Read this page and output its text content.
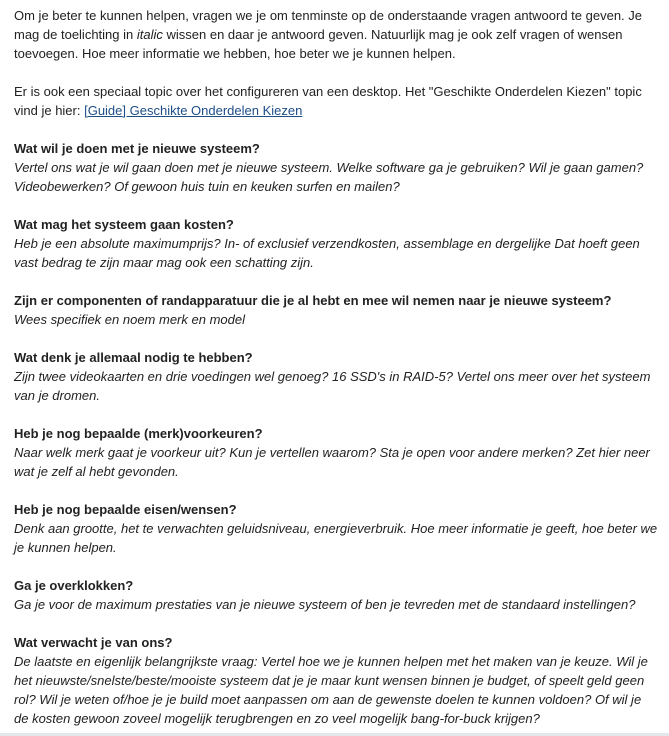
Om je beter te kunnen helpen, vragen we je om tenminste op de onderstaande vragen antwoord te geven. Je mag de toelichting in italic wissen en daar je antwoord geven. Natuurlijk mag je ook zelf vragen of wensen toevoegen. Hoe meer informatie we hebben, hoe beter we je kunnen helpen.

Er is ook een speciaal topic over het configureren van een desktop. Het "Geschikte Onderdelen Kiezen" topic vind je hier: [Guide] Geschikte Onderdelen Kiezen

Wat wil je doen met je nieuwe systeem?
Vertel ons wat je wil gaan doen met je nieuwe systeem. Welke software ga je gebruiken? Wil je gaan gamen? Videobewerken? Of gewoon huis tuin en keuken surfen en mailen?
Wat mag het systeem gaan kosten?
Heb je een absolute maximumprijs? In- of exclusief verzendkosten, assemblage en dergelijke Dat hoeft geen vast bedrag te zijn maar mag ook een schatting zijn.
Zijn er componenten of randapparatuur die je al hebt en mee wil nemen naar je nieuwe systeem?
Wees specifiek en noem merk en model
Wat denk je allemaal nodig te hebben?
Zijn twee videokaarten en drie voedingen wel genoeg? 16 SSD's in RAID-5? Vertel ons meer over het systeem van je dromen.
Heb je nog bepaalde (merk)voorkeuren?
Naar welk merk gaat je voorkeur uit? Kun je vertellen waarom? Sta je open voor andere merken? Zet hier neer wat je zelf al hebt gevonden.
Heb je nog bepaalde eisen/wensen?
Denk aan grootte, het te verwachten geluidsniveau, energieverbruik. Hoe meer informatie je geeft, hoe beter we je kunnen helpen.
Ga je overklokken?
Ga je voor de maximum prestaties van je nieuwe systeem of ben je tevreden met de standaard instellingen?
Wat verwacht je van ons?
De laatste en eigenlijk belangrijkste vraag: Vertel hoe we je kunnen helpen met het maken van je keuze. Wil je het nieuwste/snelste/beste/mooiste systeem dat je je maar kunt wensen binnen je budget, of speelt geld geen rol? Wil je weten of/hoe je je build moet aanpassen om aan de gewenste doelen te kunnen voldoen? Of wil je de kosten gewoon zoveel mogelijk terugbrengen en zo veel mogelijk bang-for-buck krijgen?
